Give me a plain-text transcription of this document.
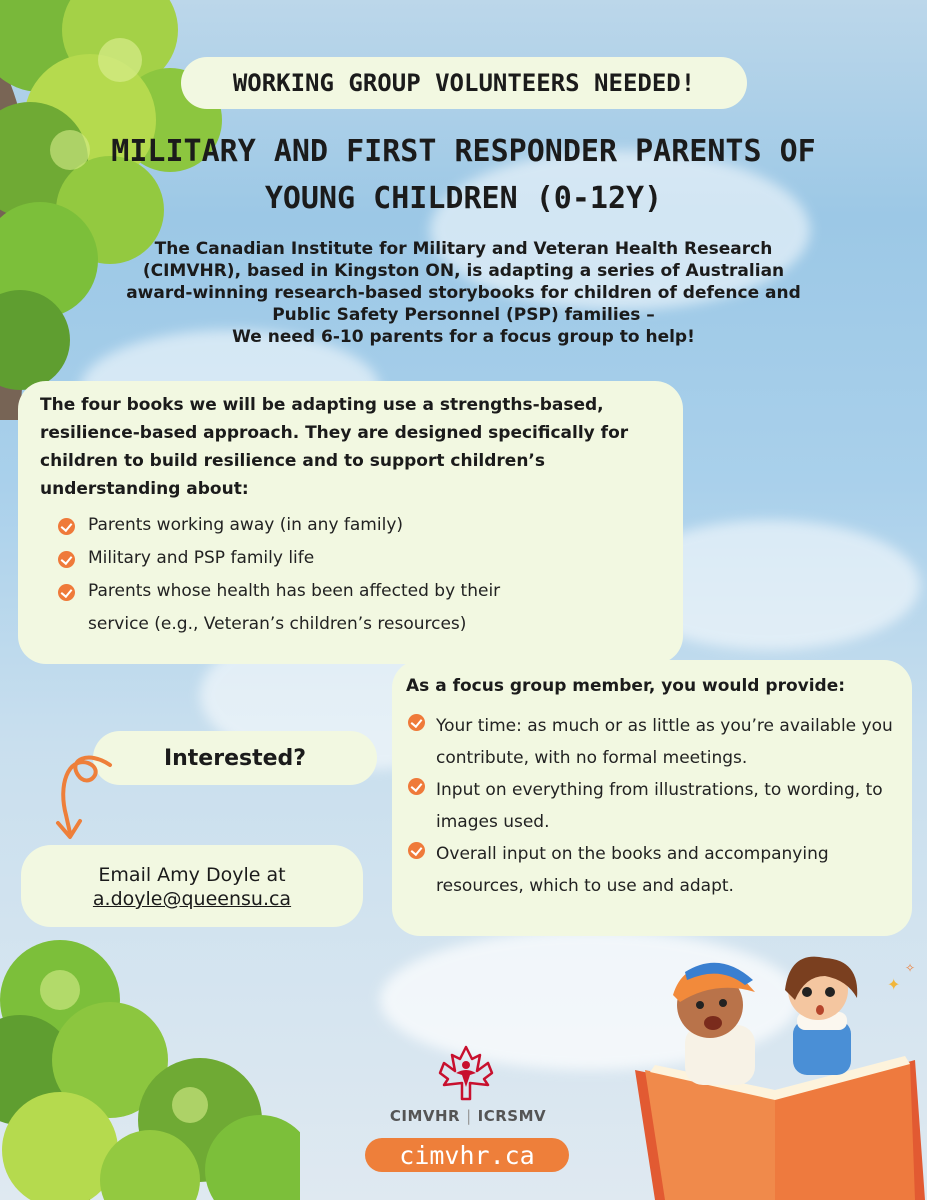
WORKING GROUP VOLUNTEERS NEEDED!
MILITARY AND FIRST RESPONDER PARENTS OF
YOUNG CHILDREN (0-12Y)

The Canadian Institute for Military and Veteran Health Research

(CIMVHR), based in Kingston ON, is adapting a series of Australian

award-winning research-based storybooks for children of defence and

Public Safety Personnel (PSP) families –

We need 6-10 parents for a focus group to help!

The four books we will be adapting use a strengths-based, resilience-based approach. They are designed specifically for children to build resilience and to support children’s understanding about:
Parents working away (in any family)
Military and PSP family life
Parents whose health has been affected by their service (e.g., Veteran’s children’s resources)
As a focus group member, you would provide:
Your time: as much or as little as you’re available you contribute, with no formal meetings.
Input on everything from illustrations, to wording, to images used.
Overall input on the books and accompanying resources, which to use and adapt.
Interested?
Email Amy Doyle at
a.doyle@queensu.ca
✦
✧
CIMVHR | ICRSMV
cimvhr.ca
